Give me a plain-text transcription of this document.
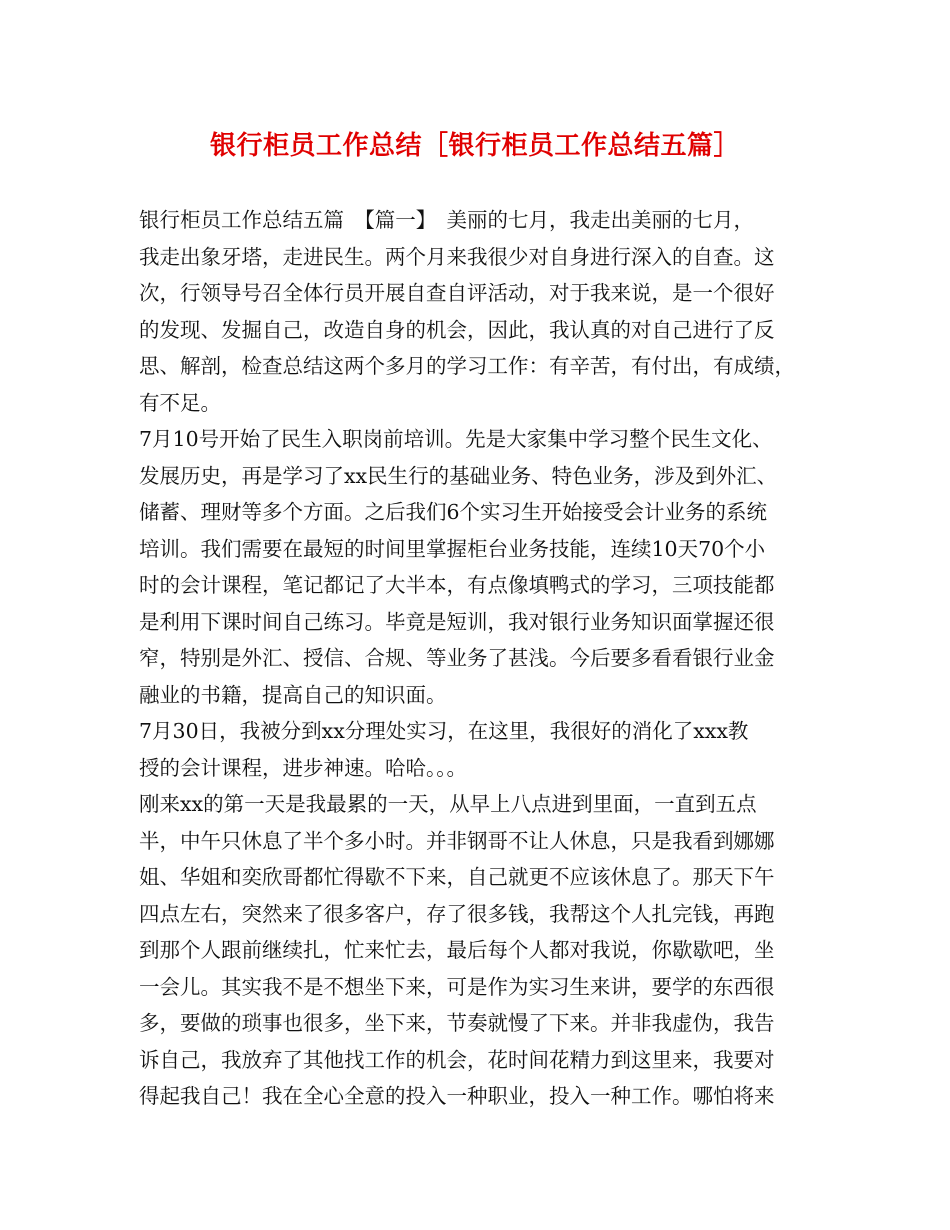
银行柜员工作总结［银行柜员工作总结五篇］
银行柜员工作总结五篇　【篇一】　美丽的七月，我走出美丽的七月，
我走出象牙塔，走进民生。两个月来我很少对自身进行深入的自查。这
次，行领导号召全体行员开展自查自评活动，对于我来说，是一个很好
的发现、发掘自己，改造自身的机会，因此，我认真的对自己进行了反
思、解剖，检查总结这两个多月的学习工作：有辛苦，有付出，有成绩，
有不足。
7月10号开始了民生入职岗前培训。先是大家集中学习整个民生文化、
发展历史，再是学习了xx民生行的基础业务、特色业务，涉及到外汇、
储蓄、理财等多个方面。之后我们6个实习生开始接受会计业务的系统
培训。我们需要在最短的时间里掌握柜台业务技能，连续10天70个小
时的会计课程，笔记都记了大半本，有点像填鸭式的学习，三项技能都
是利用下课时间自己练习。毕竟是短训，我对银行业务知识面掌握还很
窄，特别是外汇、授信、合规、等业务了甚浅。今后要多看看银行业金
融业的书籍，提高自己的知识面。
7月30日，我被分到xx分理处实习，在这里，我很好的消化了xxx教
授的会计课程，进步神速。哈哈。。。
刚来xx的第一天是我最累的一天，从早上八点进到里面，一直到五点
半，中午只休息了半个多小时。并非钢哥不让人休息，只是我看到娜娜
姐、华姐和奕欣哥都忙得歇不下来，自己就更不应该休息了。那天下午
四点左右，突然来了很多客户，存了很多钱，我帮这个人扎完钱，再跑
到那个人跟前继续扎，忙来忙去，最后每个人都对我说，你歇歇吧，坐
一会儿。其实我不是不想坐下来，可是作为实习生来讲，要学的东西很
多，要做的琐事也很多，坐下来，节奏就慢了下来。并非我虚伪，我告
诉自己，我放弃了其他找工作的机会，花时间花精力到这里来，我要对
得起我自己！我在全心全意的投入一种职业，投入一种工作。哪怕将来
